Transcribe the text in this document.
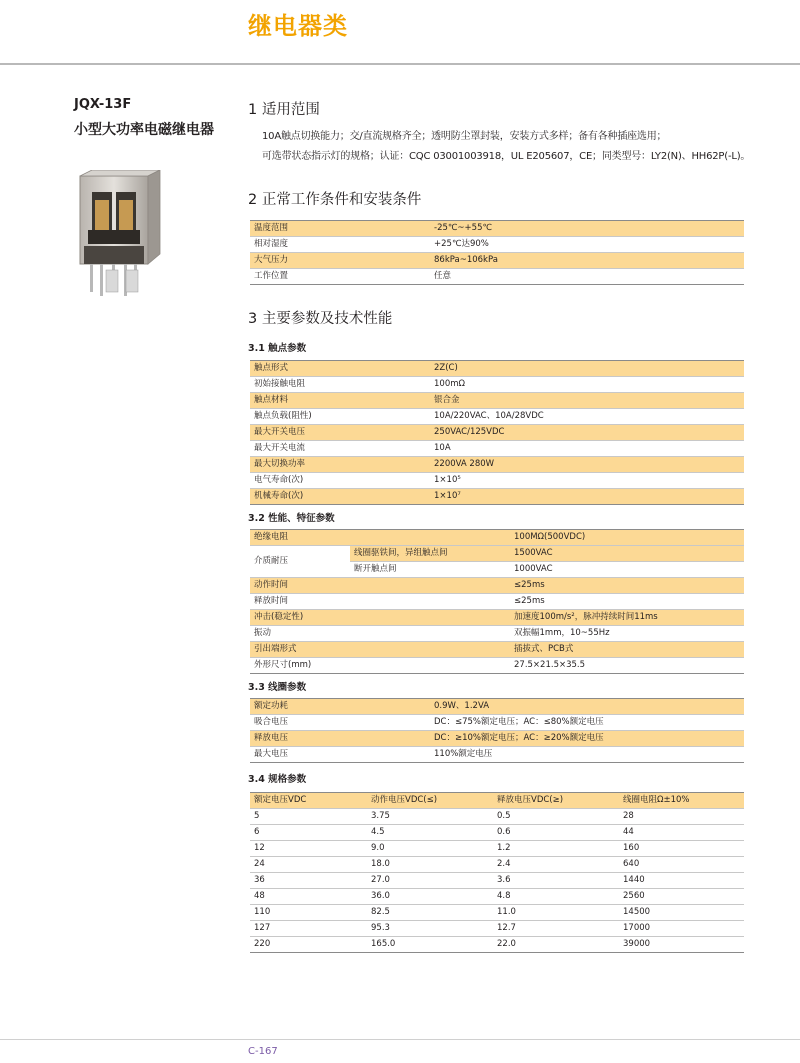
继电器类
JQX-13F
小型大功率电磁继电器
1 适用范围
10A触点切换能力；交/直流规格齐全；透明防尘罩封装，安装方式多样；备有各种插座选用；
可选带状态指示灯的规格；认证：CQC 03001003918，UL E205607，CE；同类型号：LY2(N)、HH62P(-L)。
2 正常工作条件和安装条件
温度范围	-25℃~+55℃
相对湿度	+25℃达90%
大气压力	86kPa~106kPa
工作位置	任意
3 主要参数及技术性能
3.1 触点参数
触点形式	2Z(C)
初始接触电阻	100mΩ
触点材料	银合金
触点负载(阻性)	10A/220VAC、10A/28VDC
最大开关电压	250VAC/125VDC
最大开关电流	10A
最大切换功率	2200VA 280W
电气寿命(次)	1×10⁵
机械寿命(次)	1×10⁷
3.2 性能、特征参数
绝缘电阻		100MΩ(500VDC)
介质耐压	线圈驱铁间，异组触点间	1500VAC
	断开触点间	1000VAC
动作时间		≤25ms
释放时间		≤25ms
冲击(稳定性)		加速度100m/s²，脉冲持续时间11ms
振动		双振幅1mm，10~55Hz
引出端形式		插拔式、PCB式
外形尺寸(mm)		27.5×21.5×35.5
3.3 线圈参数
额定功耗	0.9W、1.2VA
吸合电压	DC：≤75%额定电压；AC：≤80%额定电压
释放电压	DC：≥10%额定电压；AC：≥20%额定电压
最大电压	110%额定电压
3.4 规格参数
额定电压VDC	动作电压VDC(≤)	释放电压VDC(≥)	线圈电阻Ω±10%
5	3.75	0.5	28
6	4.5	0.6	44
12	9.0	1.2	160
24	18.0	2.4	640
36	27.0	3.6	1440
48	36.0	4.8	2560
110	82.5	11.0	14500
127	95.3	12.7	17000
220	165.0	22.0	39000
C-167
